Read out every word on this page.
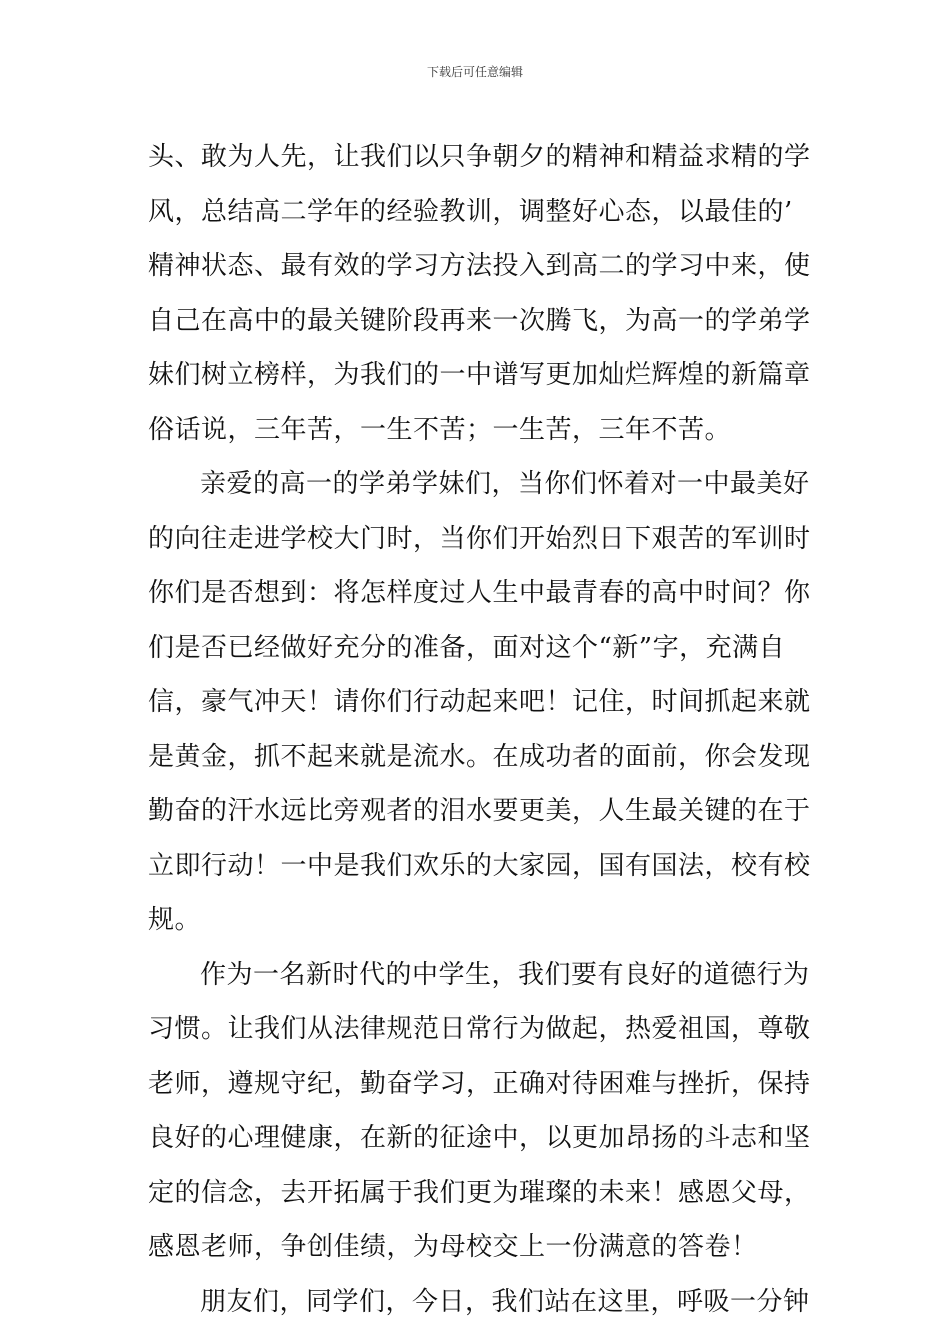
下载后可任意编辑
头、敢为人先，让我们以只争朝夕的精神和精益求精的学
风，总结高二学年的经验教训，调整好心态，以最佳的’
精神状态、最有效的学习方法投入到高二的学习中来，使
自己在高中的最关键阶段再来一次腾飞，为高一的学弟学
妹们树立榜样，为我们的一中谱写更加灿烂辉煌的新篇章
俗话说，三年苦，一生不苦；一生苦，三年不苦。
亲爱的高一的学弟学妹们，当你们怀着对一中最美好
的向往走进学校大门时，当你们开始烈日下艰苦的军训时
你们是否想到：将怎样度过人生中最青春的高中时间？你
们是否已经做好充分的准备，面对这个“新”字，充满自
信，豪气冲天！请你们行动起来吧！记住，时间抓起来就
是黄金，抓不起来就是流水。在成功者的面前，你会发现
勤奋的汗水远比旁观者的泪水要更美，人生最关键的在于
立即行动！一中是我们欢乐的大家园，国有国法，校有校
规。
作为一名新时代的中学生，我们要有良好的道德行为
习惯。让我们从法律规范日常行为做起，热爱祖国，尊敬
老师，遵规守纪，勤奋学习，正确对待困难与挫折，保持
良好的心理健康，在新的征途中，以更加昂扬的斗志和坚
定的信念，去开拓属于我们更为璀璨的未来！感恩父母，
感恩老师，争创佳绩，为母校交上一份满意的答卷！
朋友们，同学们，今日，我们站在这里，呼吸一分钟
